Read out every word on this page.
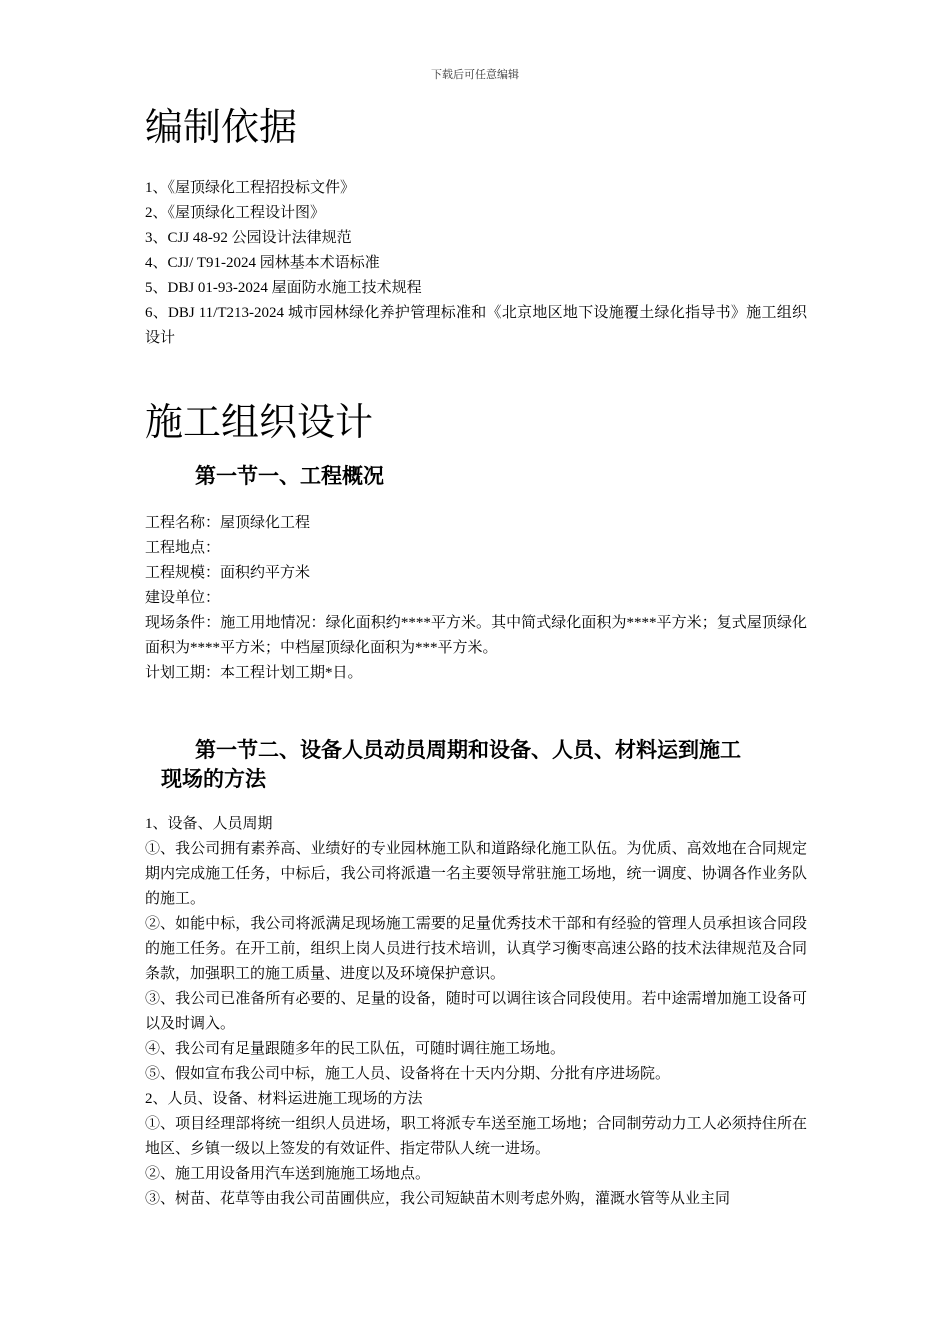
下载后可任意编辑
编制依据

1、《屋顶绿化工程招投标文件》

2、《屋顶绿化工程设计图》

3、CJJ 48-92 公园设计法律规范

4、CJJ/ T91-2024 园林基本术语标准

5、DBJ 01-93-2024 屋面防水施工技术规程

6、DBJ 11/T213-2024 城市园林绿化养护管理标准和《北京地区地下设施覆土绿化指导书》施工组织设计

施工组织设计
第一节一、工程概况

工程名称：屋顶绿化工程

工程地点：

工程规模：面积约平方米

建设单位：

现场条件：施工用地情况：绿化面积约****平方米。其中简式绿化面积为****平方米；复式屋顶绿化面积为****平方米；中档屋顶绿化面积为***平方米。

计划工期：本工程计划工期*日。

第一节二、设备人员动员周期和设备、人员、材料运到施工
现场的方法

1、设备、人员周期

①、我公司拥有素养高、业绩好的专业园林施工队和道路绿化施工队伍。为优质、高效地在合同规定期内完成施工任务，中标后，我公司将派遣一名主要领导常驻施工场地，统一调度、协调各作业务队的施工。

②、如能中标，我公司将派满足现场施工需要的足量优秀技术干部和有经验的管理人员承担该合同段的施工任务。在开工前，组织上岗人员进行技术培训，认真学习衡枣高速公路的技术法律规范及合同条款，加强职工的施工质量、进度以及环境保护意识。

③、我公司已准备所有必要的、足量的设备，随时可以调往该合同段使用。若中途需增加施工设备可以及时调入。

④、我公司有足量跟随多年的民工队伍，可随时调往施工场地。

⑤、假如宣布我公司中标，施工人员、设备将在十天内分期、分批有序进场院。

2、人员、设备、材料运进施工现场的方法

①、项目经理部将统一组织人员进场，职工将派专车送至施工场地；合同制劳动力工人必须持住所在地区、乡镇一级以上签发的有效证件、指定带队人统一进场。

②、施工用设备用汽车送到施施工场地点。

③、树苗、花草等由我公司苗圃供应，我公司短缺苗木则考虑外购，灌溉水管等从业主同
